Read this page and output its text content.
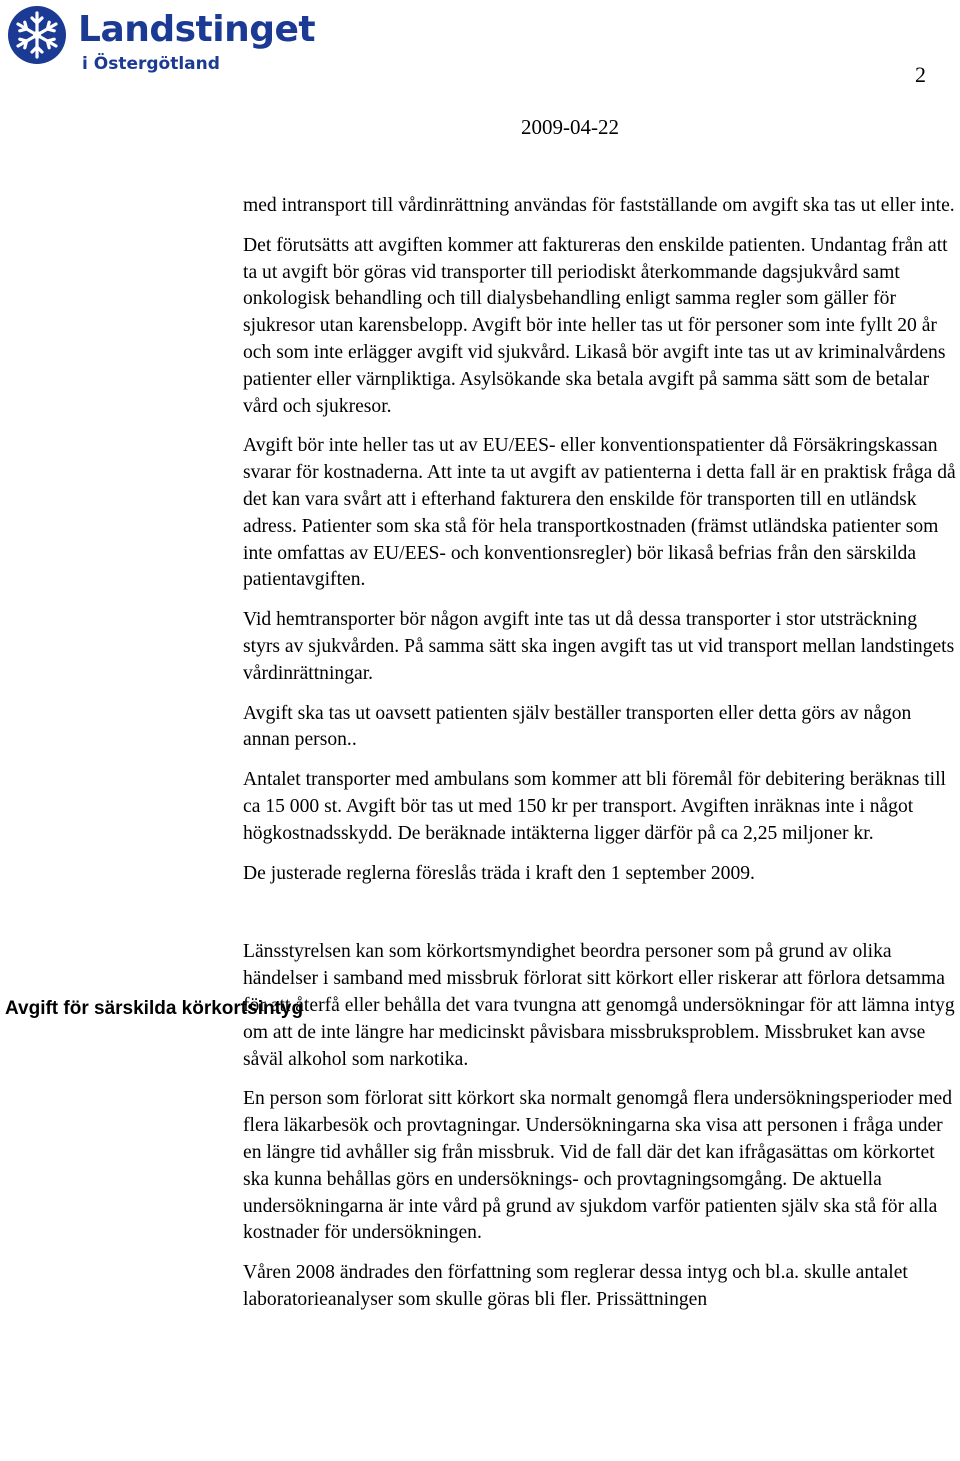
Landstinget
i Östergötland	2
2009-04-22
Avgift för särskilda körkortsintyg

med intransport till vårdinrättning användas för fastställande om avgift ska tas ut eller inte.

Det förutsätts att avgiften kommer att faktureras den enskilde patienten. Undantag från att ta ut avgift bör göras vid transporter till periodiskt återkommande dagsjukvård samt onkologisk behandling och till dialysbehandling enligt samma regler som gäller för sjukresor utan karensbelopp. Avgift bör inte heller tas ut för personer som inte fyllt 20 år och som inte erlägger avgift vid sjukvård. Likaså bör avgift inte tas ut av kriminalvårdens patienter eller värnpliktiga. Asylsökande ska betala avgift på samma sätt som de betalar vård och sjukresor.

Avgift bör inte heller tas ut av EU/EES- eller konventionspatienter då Försäkringskassan svarar för kostnaderna. Att inte ta ut avgift av patienterna i detta fall är en praktisk fråga då det kan vara svårt att i efterhand fakturera den enskilde för transporten till en utländsk adress. Patienter som ska stå för hela transportkostnaden (främst utländska patienter som inte omfattas av EU/EES- och konventionsregler) bör likaså befrias från den särskilda patientavgiften.

Vid hemtransporter bör någon avgift inte tas ut då dessa transporter i stor utsträckning styrs av sjukvården. På samma sätt ska ingen avgift tas ut vid transport mellan landstingets vårdinrättningar.

Avgift ska tas ut oavsett patienten själv beställer transporten eller detta görs av någon annan person..

Antalet transporter med ambulans som kommer att bli föremål för debitering beräknas till ca 15 000 st. Avgift bör tas ut med 150 kr per transport. Avgiften inräknas inte i något högkostnadsskydd. De beräknade intäkterna ligger därför på ca 2,25 miljoner kr.

De justerade reglerna föreslås träda i kraft den 1 september 2009.

Länsstyrelsen kan som körkortsmyndighet beordra personer som på grund av olika händelser i samband med missbruk förlorat sitt körkort eller riskerar att förlora detsamma för att återfå eller behålla det vara tvungna att genomgå undersökningar för att lämna intyg om att de inte längre har medicinskt påvisbara missbruksproblem. Missbruket kan avse såväl alkohol som narkotika.

En person som förlorat sitt körkort ska normalt genomgå flera undersökningsperioder med flera läkarbesök och provtagningar. Undersökningarna ska visa att personen i fråga under en längre tid avhåller sig från missbruk. Vid de fall där det kan ifrågasättas om körkortet ska kunna behållas görs en undersöknings- och provtagningsomgång. De aktuella undersökningarna är inte vård på grund av sjukdom varför patienten själv ska stå för alla kostnader för undersökningen.

Våren 2008 ändrades den författning som reglerar dessa intyg och bl.a. skulle antalet laboratorieanalyser som skulle göras bli fler. Prissättningen
